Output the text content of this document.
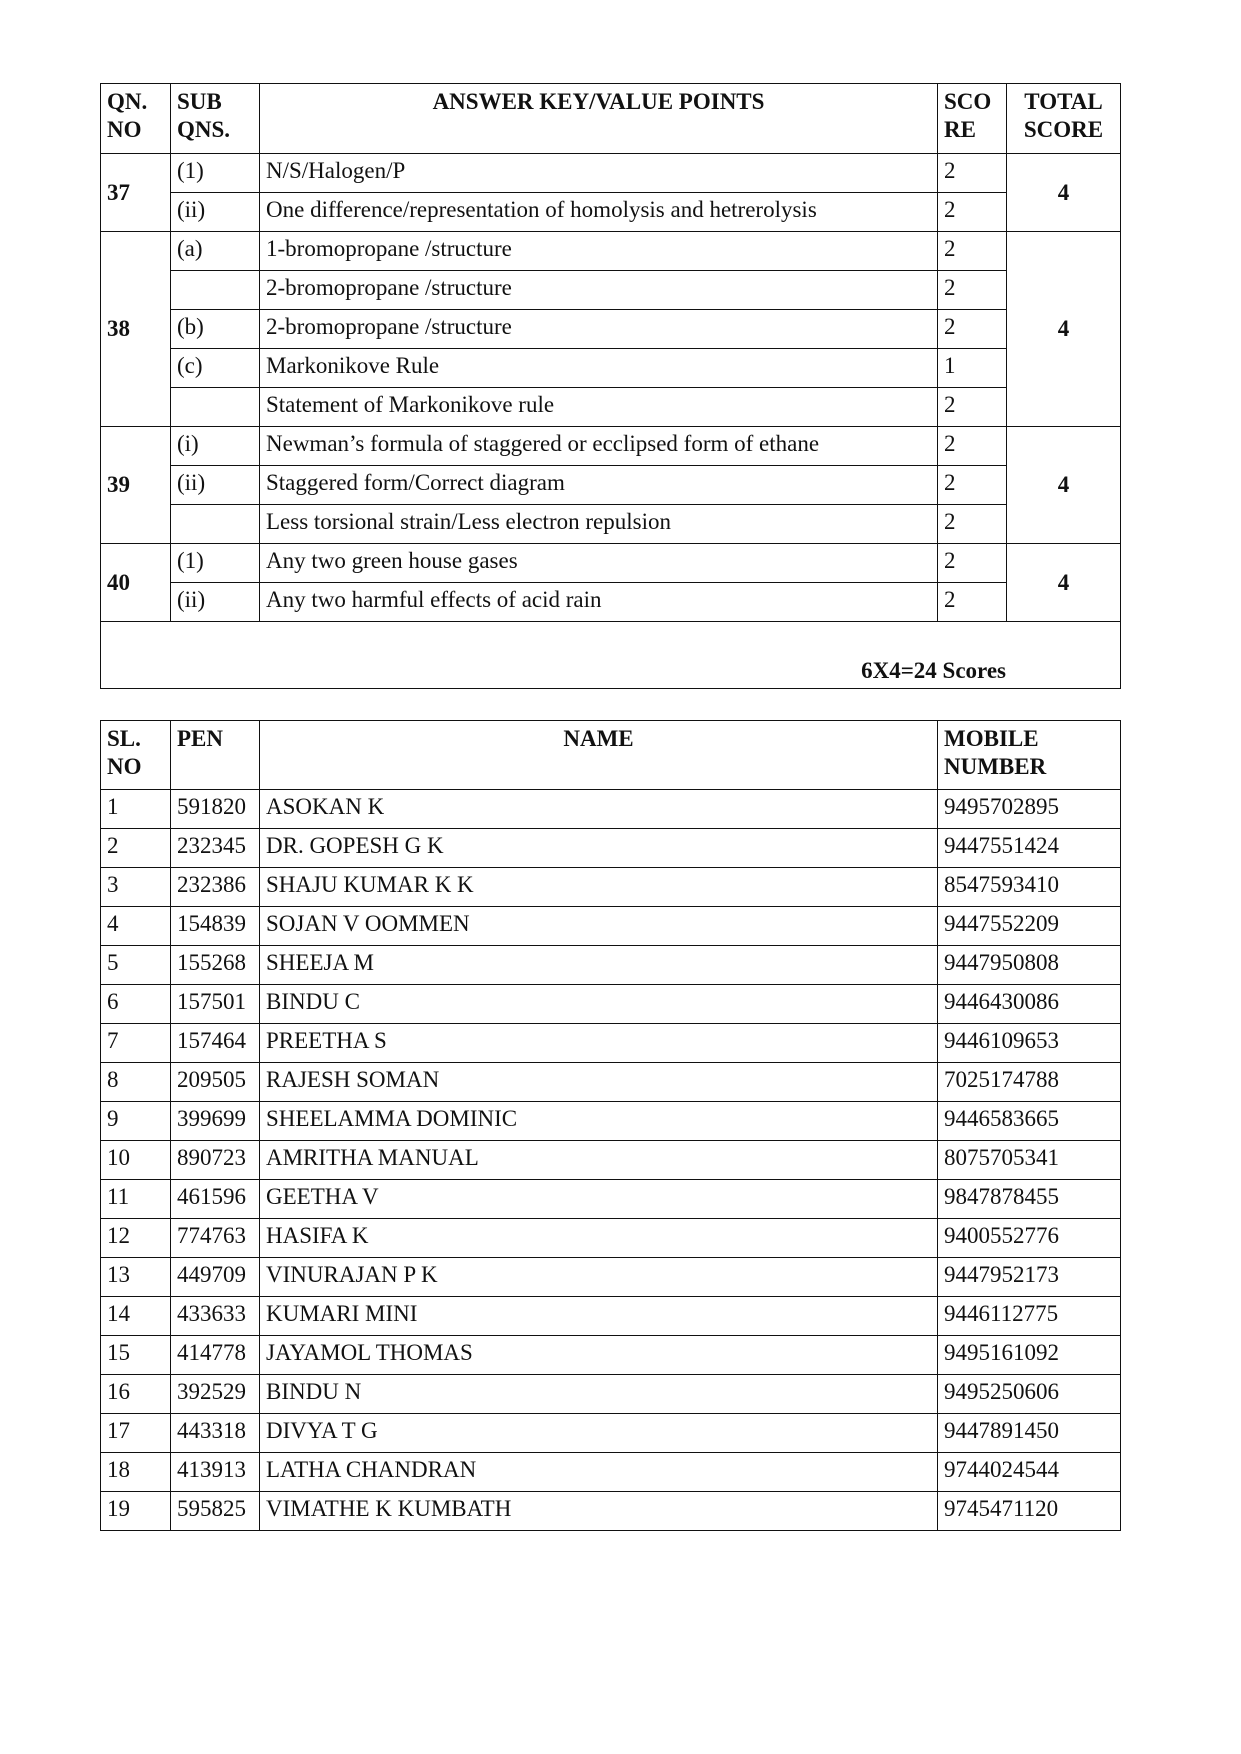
QN. NO	SUB QNS.	ANSWER KEY/VALUE POINTS	SCO RE	TOTAL SCORE
37	(1)	N/S/Halogen/P	2	4
	(ii)	One difference/representation of homolysis and hetrerolysis	2	
38	(a)	1-bromopropane /structure	2	4
		2-bromopropane /structure	2	
	(b)	2-bromopropane /structure	2	
	(c)	Markonikove Rule	1	
		Statement of Markonikove rule	2	
39	(i)	Newman’s formula of staggered or ecclipsed form of ethane	2	4
	(ii)	Staggered form/Correct diagram	2	
		Less torsional strain/Less electron repulsion	2	
40	(1)	Any two green house gases	2	4
	(ii)	Any two harmful effects of acid rain	2	
6X4=24 Scores				
SL. NO	PEN	NAME	MOBILE NUMBER
1	591820	ASOKAN K	9495702895
2	232345	DR. GOPESH G K	9447551424
3	232386	SHAJU KUMAR K K	8547593410
4	154839	SOJAN V OOMMEN	9447552209
5	155268	SHEEJA M	9447950808
6	157501	BINDU C	9446430086
7	157464	PREETHA S	9446109653
8	209505	RAJESH SOMAN	7025174788
9	399699	SHEELAMMA DOMINIC	9446583665
10	890723	AMRITHA MANUAL	8075705341
11	461596	GEETHA V	9847878455
12	774763	HASIFA K	9400552776
13	449709	VINURAJAN P K	9447952173
14	433633	KUMARI MINI	9446112775
15	414778	JAYAMOL THOMAS	9495161092
16	392529	BINDU N	9495250606
17	443318	DIVYA T G	9447891450
18	413913	LATHA CHANDRAN	9744024544
19	595825	VIMATHE K KUMBATH	9745471120
